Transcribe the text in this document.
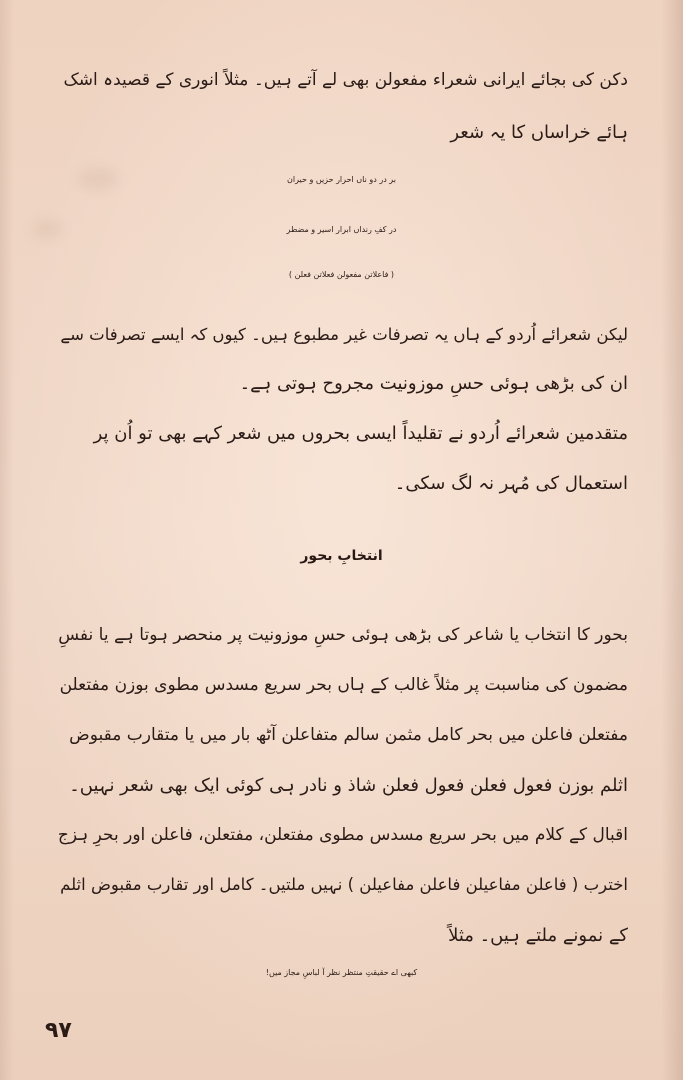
دکن کی بجائے ایرانی شعراء مفعولن بھی لے آتے ہیں۔ مثلاً انوری کے قصیدہ اشک
ہائے خراساں کا یہ شعر
بر در دو ناں احرار حزیں و حیران
در کفِ رنداں ابرار اسیر و مضطر
( فاعلاتن مفعولن فعلاتن فعلن )
لیکن شعرائے اُردو کے ہاں یہ تصرفات غیر مطبوع ہیں۔ کیوں کہ ایسے تصرفات سے
ان کی بڑھی ہوئی حسِ موزونیت مجروح ہوتی ہے۔
متقدمین شعرائے اُردو نے تقلیداً ایسی بحروں میں شعر کہے بھی تو اُن پر
استعمال کی مُہر نہ لگ سکی۔
انتخابِ بحور
بحور کا انتخاب یا شاعر کی بڑھی ہوئی حسِ موزونیت پر منحصر ہوتا ہے یا نفسِ
مضمون کی مناسبت پر مثلاً غالب کے ہاں بحر سریع مسدس مطوی بوزن مفتعلن
مفتعلن فاعلن میں بحر کامل مثمن سالم متفاعلن آٹھ بار میں یا متقارب مقبوض
اثلم بوزن فعول فعلن فعول فعلن شاذ و نادر ہی کوئی ایک بھی شعر نہیں۔
اقبال کے کلام میں بحر سریع مسدس مطوی مفتعلن، مفتعلن، فاعلن اور بحرِ ہزج
اخترب ( فاعلن مفاعیلن فاعلن مفاعیلن ) نہیں ملتیں۔ کامل اور تقارب مقبوض اثلم
کے نمونے ملتے ہیں۔ مثلاً
کبھی اے حقیقتِ منتظر نظر آ لباسِ مجاز میں!
۹۷
